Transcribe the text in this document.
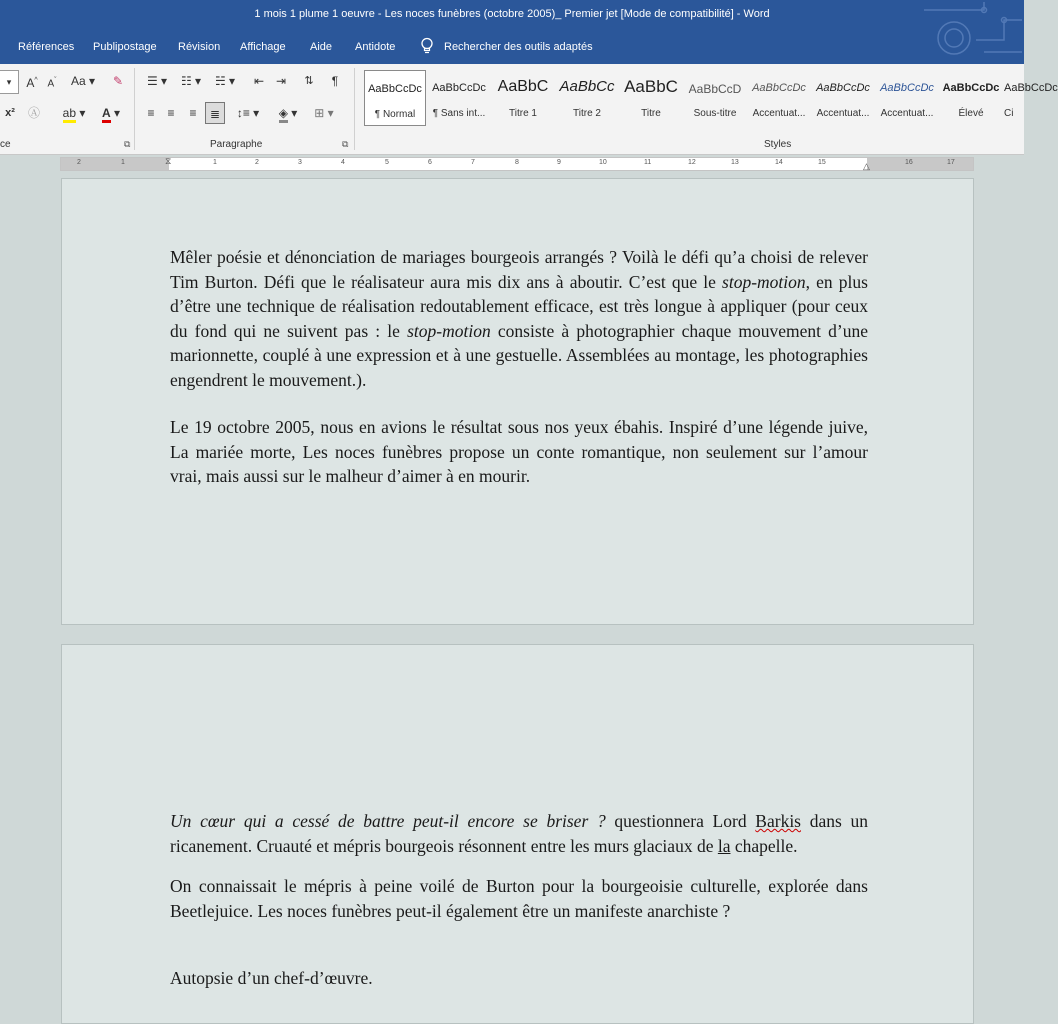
1 mois 1 plume 1 oeuvre - Les noces funèbres (octobre 2005)_ Premier jet [Mode de compatibilité] - Word
Références Publipostage Révision Affichage Aide Antidote	Rechercher des outils adaptés
▾	A^ $A^ˇ$ Aa ▾	✎
x² Ⓐ	ab ▾	A ▾
ce	⧉
☰ ▾	☷ ▾	☵ ▾	⇤ ⇥	⇅	¶
≡	≡	≡	≣	↕≡ ▾	◈ ▾	⊞ ▾
Paragraphe	⧉
AaBbCcDc
¶ Normal
AaBbCcDc
¶ Sans int...
AaBbC
Titre 1
AaBbCc
Titre 2
AaBbC
Titre
AaBbCcD
Sous-titre
AaBbCcDc
Accentuat...
AaBbCcDc
Accentuat...
AaBbCcDc
Accentuat...
AaBbCcDc
Élevé
AaBbCcDc
Ci
Styles
2	1	1	2	3	4	5	6	7	8	9	10	11	12	13	14	15	16	17
⧖	△
Mêler poésie et dénonciation de mariages bourgeois arrangés ? Voilà le défi qu’a choisi de relever Tim Burton. Défi que le réalisateur aura mis dix ans à aboutir. C’est que le stop-motion, en plus d’être une technique de réalisation redoutablement efficace, est très longue à appliquer (pour ceux du fond qui ne suivent pas : le stop-motion consiste à photographier chaque mouvement d’une marionnette, couplé à une expression et à une gestuelle. Assemblées au montage, les photographies engendrent le mouvement.).
Le 19 octobre 2005, nous en avions le résultat sous nos yeux ébahis. Inspiré d’une légende juive, La mariée morte, Les noces funèbres propose un conte romantique, non seulement sur l’amour vrai, mais aussi sur le malheur d’aimer à en mourir.
Un cœur qui a cessé de battre peut-il encore se briser ? questionnera Lord Barkis dans un ricanement. Cruauté et mépris bourgeois résonnent entre les murs glaciaux de la chapelle.
On connaissait le mépris à peine voilé de Burton pour la bourgeoisie culturelle, explorée dans Beetlejuice. Les noces funèbres peut-il également être un manifeste anarchiste ?
Autopsie d’un chef-d’œuvre.
